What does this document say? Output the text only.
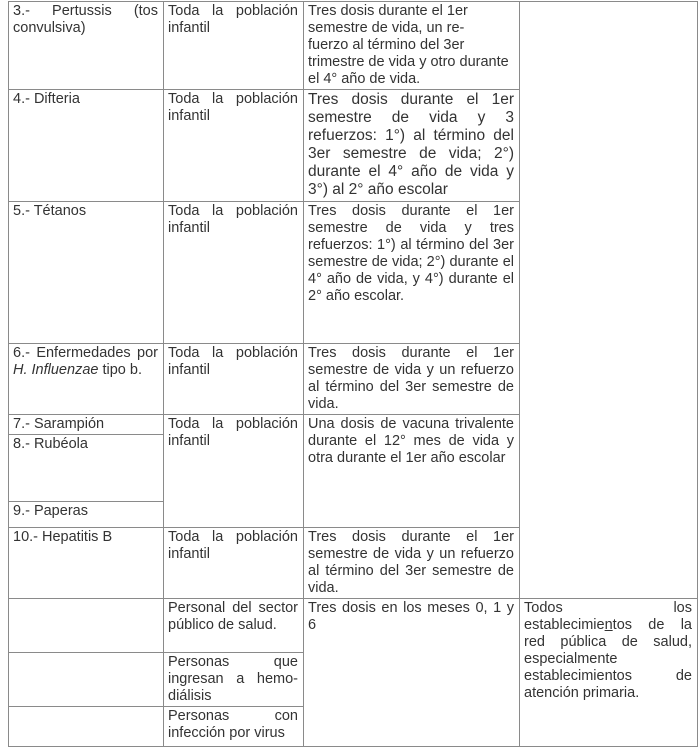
3.- Pertussis (tos convulsiva)	Toda la población infantil	Tres dosis durante el 1er semestre de vida, un re-
fuerzo al término del 3er trimestre de vida y otro durante el 4° año de vida.	
4.- Difteria	Toda la población infantil	Tres dosis durante el 1er semestre de vida y 3 refuerzos: 1°) al término del 3er semestre de vida; 2°) durante el 4° año de vida y 3°) al 2° año escolar	
5.- Tétanos	Toda la población infantil	Tres dosis durante el 1er semestre de vida y tres refuerzos: 1°) al término del 3er semestre de vida; 2°) durante el 4° año de vida, y 4°) durante el 2° año escolar.	
6.- Enfermedades por H. Influenzae tipo b.	Toda la población infantil	Tres dosis durante el 1er semestre de vida y un refuerzo al término del 3er semestre de vida.	
7.- Sarampión	Toda la población infantil	Una dosis de vacuna trivalente durante el 12° mes de vida y otra durante el 1er año escolar	
8.- Rubéola			
9.- Paperas			
10.- Hepatitis B	Toda la población infantil	Tres dosis durante el 1er semestre de vida y un refuerzo al término del 3er semestre de vida.	
	Personal del sector público de salud.	Tres dosis en los meses 0, 1 y 6	Todos los establecimientos de la red pública de salud, especialmente establecimientos de atención primaria.
	Personas que ingresan a hemo-diálisis		
	Personas con infección por virus		
